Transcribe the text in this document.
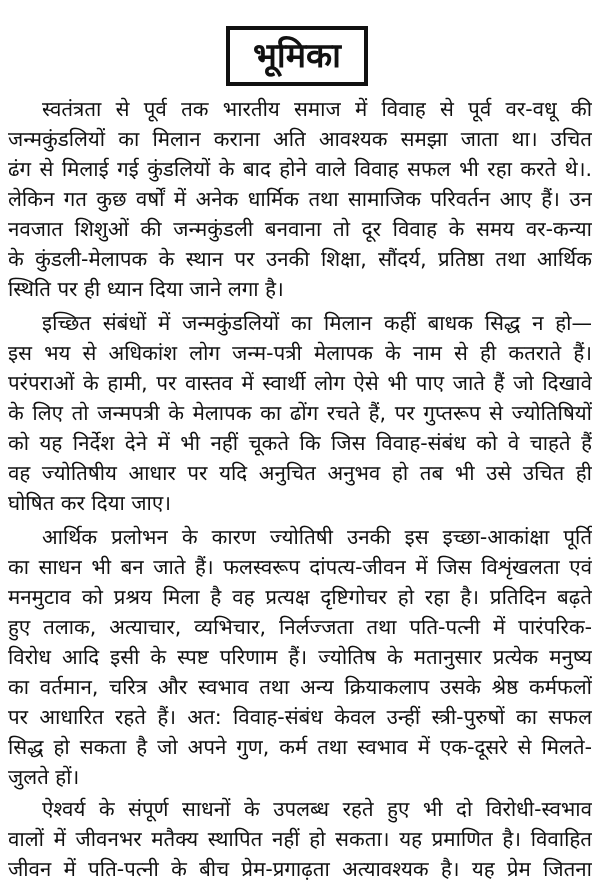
भूमिका
स्वतंत्रता से पूर्व तक भारतीय समाज में विवाह से पूर्व वर-वधू की
जन्मकुंडलियों का मिलान कराना अति आवश्यक समझा जाता था। उचित
ढंग से मिलाई गई कुंडलियों के बाद होने वाले विवाह सफल भी रहा करते थे।.
लेकिन गत कुछ वर्षों में अनेक धार्मिक तथा सामाजिक परिवर्तन आए हैं। उन
नवजात शिशुओं की जन्मकुंडली बनवाना तो दूर विवाह के समय वर-कन्या
के कुंडली-मेलापक के स्थान पर उनकी शिक्षा, सौंदर्य, प्रतिष्ठा तथा आर्थिक
स्थिति पर ही ध्यान दिया जाने लगा है।
इच्छित संबंधों में जन्मकुंडलियों का मिलान कहीं बाधक सिद्ध न हो—
इस भय से अधिकांश लोग जन्म-पत्री मेलापक के नाम से ही कतराते हैं।
परंपराओं के हामी, पर वास्तव में स्वार्थी लोग ऐसे भी पाए जाते हैं जो दिखावे
के लिए तो जन्मपत्री के मेलापक का ढोंग रचते हैं, पर गुप्तरूप से ज्योतिषियों
को यह निर्देश देने में भी नहीं चूकते कि जिस विवाह-संबंध को वे चाहते हैं
वह ज्योतिषीय आधार पर यदि अनुचित अनुभव हो तब भी उसे उचित ही
घोषित कर दिया जाए।
आर्थिक प्रलोभन के कारण ज्योतिषी उनकी इस इच्छा-आकांक्षा पूर्ति
का साधन भी बन जाते हैं। फलस्वरूप दांपत्य-जीवन में जिस विशृंखलता एवं
मनमुटाव को प्रश्रय मिला है वह प्रत्यक्ष दृष्टिगोचर हो रहा है। प्रतिदिन बढ़ते
हुए तलाक, अत्याचार, व्यभिचार, निर्लज्जता तथा पति-पत्नी में पारंपरिक-
विरोध आदि इसी के स्पष्ट परिणाम हैं। ज्योतिष के मतानुसार प्रत्येक मनुष्य
का वर्तमान, चरित्र और स्वभाव तथा अन्य क्रियाकलाप उसके श्रेष्ठ कर्मफलों
पर आधारित रहते हैं। अत: विवाह-संबंध केवल उन्हीं स्त्री-पुरुषों का सफल
सिद्ध हो सकता है जो अपने गुण, कर्म तथा स्वभाव में एक-दूसरे से मिलते-
जुलते हों।
ऐश्वर्य के संपूर्ण साधनों के उपलब्ध रहते हुए भी दो विरोधी-स्वभाव
वालों में जीवनभर मतैक्य स्थापित नहीं हो सकता। यह प्रमाणित है। विवाहित
जीवन में पति-पत्नी के बीच प्रेम-प्रगाढ़ता अत्यावश्यक है। यह प्रेम जितना
